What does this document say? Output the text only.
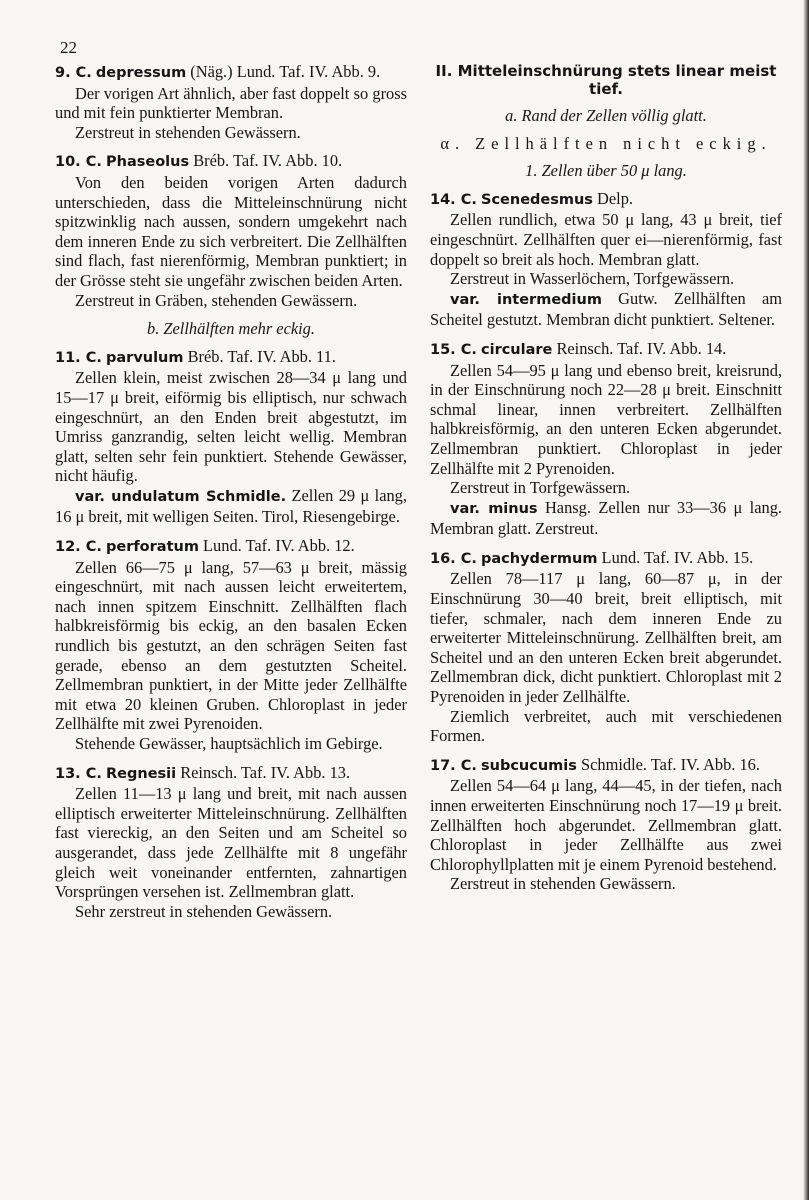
22

9. C. depressum (Näg.) Lund. Taf. IV. Abb. 9.

Der vorigen Art ähnlich, aber fast doppelt so gross und mit fein punktierter Membran.

Zerstreut in stehenden Gewässern.

10. C. Phaseolus Bréb. Taf. IV. Abb. 10.

Von den beiden vorigen Arten dadurch unterschieden, dass die Mitteleinschnürung nicht spitzwinklig nach aussen, sondern umgekehrt nach dem inneren Ende zu sich verbreitert. Die Zellhälften sind flach, fast nierenförmig, Membran punktiert; in der Grösse steht sie ungefähr zwischen beiden Arten.

Zerstreut in Gräben, stehenden Gewässern.

b. Zellhälften mehr eckig.

11. C. parvulum Bréb. Taf. IV. Abb. 11.

Zellen klein, meist zwischen 28—34 μ lang und 15—17 μ breit, eiförmig bis elliptisch, nur schwach eingeschnürt, an den Enden breit abgestutzt, im Umriss ganzrandig, selten leicht wellig. Membran glatt, selten sehr fein punktiert. Stehende Gewässer, nicht häufig.

var. undulatum Schmidle. Zellen 29 μ lang, 16 μ breit, mit welligen Seiten. Tirol, Riesengebirge.

12. C. perforatum Lund. Taf. IV. Abb. 12.

Zellen 66—75 μ lang, 57—63 μ breit, mässig eingeschnürt, mit nach aussen leicht erweitertem, nach innen spitzem Einschnitt. Zellhälften flach halbkreisförmig bis eckig, an den basalen Ecken rundlich bis gestutzt, an den schrägen Seiten fast gerade, ebenso an dem gestutzten Scheitel. Zellmembran punktiert, in der Mitte jeder Zellhälfte mit etwa 20 kleinen Gruben. Chloroplast in jeder Zellhälfte mit zwei Pyrenoiden.

Stehende Gewässer, hauptsächlich im Gebirge.

13. C. Regnesii Reinsch. Taf. IV. Abb. 13.

Zellen 11—13 μ lang und breit, mit nach aussen elliptisch erweiterter Mitteleinschnürung. Zellhälften fast viereckig, an den Seiten und am Scheitel so ausgerandet, dass jede Zellhälfte mit 8 ungefähr gleich weit voneinander entfernten, zahnartigen Vorsprüngen versehen ist. Zellmembran glatt.

Sehr zerstreut in stehenden Gewässern.

II. Mitteleinschnürung stets linear meist tief.
a. Rand der Zellen völlig glatt.
α. Zellhälften nicht eckig.
1. Zellen über 50 μ lang.

14. C. Scenedesmus Delp.

Zellen rundlich, etwa 50 μ lang, 43 μ breit, tief eingeschnürt. Zellhälften quer ei—nierenförmig, fast doppelt so breit als hoch. Membran glatt.

Zerstreut in Wasserlöchern, Torfgewässern.

var. intermedium Gutw. Zellhälften am Scheitel gestutzt. Membran dicht punktiert. Seltener.

15. C. circulare Reinsch. Taf. IV. Abb. 14.

Zellen 54—95 μ lang und ebenso breit, kreisrund, in der Einschnürung noch 22—28 μ breit. Einschnitt schmal linear, innen verbreitert. Zellhälften halbkreisförmig, an den unteren Ecken abgerundet. Zellmembran punktiert. Chloroplast in jeder Zellhälfte mit 2 Pyrenoiden.

Zerstreut in Torfgewässern.

var. minus Hansg. Zellen nur 33—36 μ lang. Membran glatt. Zerstreut.

16. C. pachydermum Lund. Taf. IV. Abb. 15.

Zellen 78—117 μ lang, 60—87 μ, in der Einschnürung 30—40 breit, breit elliptisch, mit tiefer, schmaler, nach dem inneren Ende zu erweiterter Mitteleinschnürung. Zellhälften breit, am Scheitel und an den unteren Ecken breit abgerundet. Zellmembran dick, dicht punktiert. Chloroplast mit 2 Pyrenoiden in jeder Zellhälfte.

Ziemlich verbreitet, auch mit verschiedenen Formen.

17. C. subcucumis Schmidle. Taf. IV. Abb. 16.

Zellen 54—64 μ lang, 44—45, in der tiefen, nach innen erweiterten Einschnürung noch 17—19 μ breit. Zellhälften hoch abgerundet. Zellmembran glatt. Chloroplast in jeder Zellhälfte aus zwei Chlorophyllplatten mit je einem Pyrenoid bestehend.

Zerstreut in stehenden Gewässern.
